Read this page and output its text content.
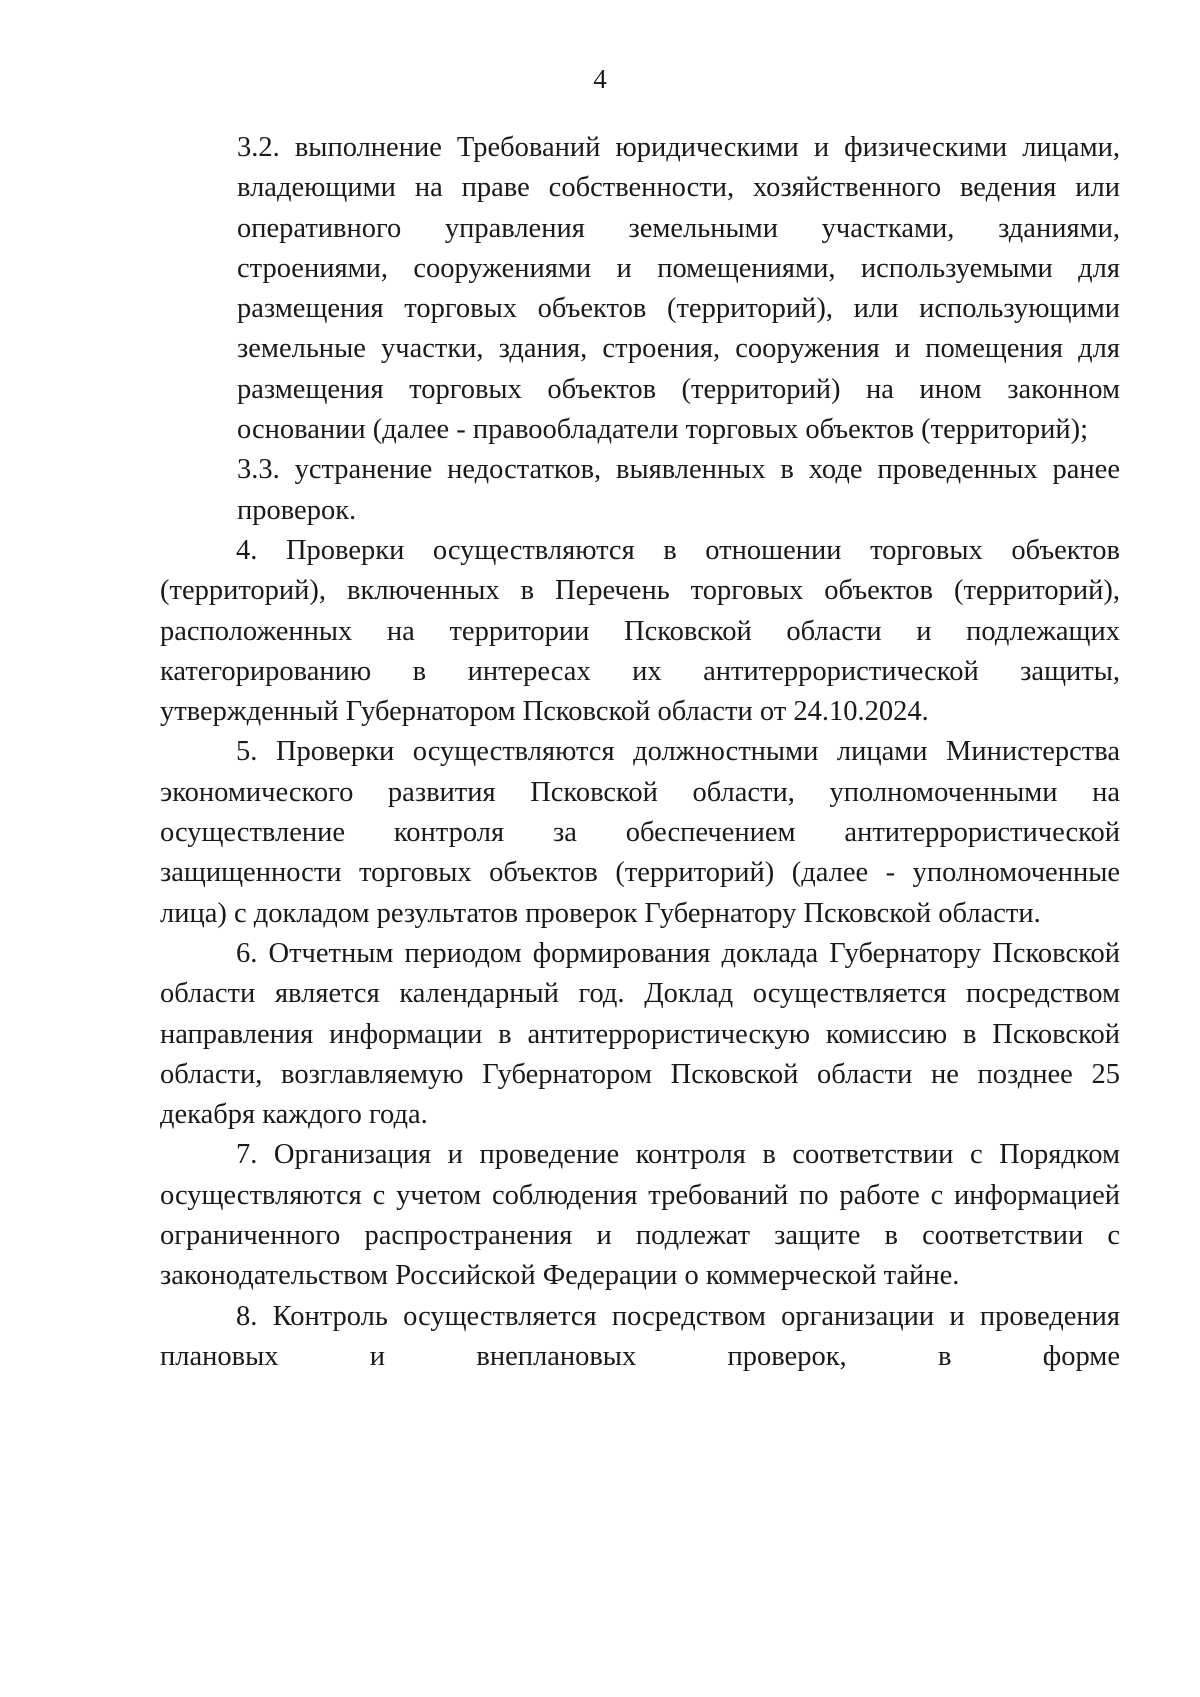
4

3.2. выполнение Требований юридическими и физическими лицами, владеющими на праве собственности, хозяйственного ведения или оперативного управления земельными участками, зданиями, строениями, сооружениями и помещениями, используемыми для размещения торговых объектов (территорий), или использующими земельные участки, здания, строения, сооружения и помещения для размещения торговых объектов (территорий) на ином законном основании (далее - правообладатели торговых объектов (территорий);

3.3. устранение недостатков, выявленных в ходе проведенных ранее проверок.

4. Проверки осуществляются в отношении торговых объектов (территорий), включенных в Перечень торговых объектов (территорий), расположенных на территории Псковской области и подлежащих категорированию в интересах их антитеррористической защиты, утвержденный Губернатором Псковской области от 24.10.2024.

5. Проверки осуществляются должностными лицами Министерства экономического развития Псковской области, уполномоченными на осуществление контроля за обеспечением антитеррористической защищенности торговых объектов (территорий) (далее - уполномоченные лица) с докладом результатов проверок Губернатору Псковской области.

6. Отчетным периодом формирования доклада Губернатору Псковской области является календарный год. Доклад осуществляется посредством направления информации в антитеррористическую комиссию в Псковской области, возглавляемую Губернатором Псковской области не позднее 25 декабря каждого года.

7. Организация и проведение контроля в соответствии с Порядком осуществляются с учетом соблюдения требований по работе с информацией ограниченного распространения и подлежат защите в соответствии с законодательством Российской Федерации о коммерческой тайне.

8. Контроль осуществляется посредством организации и проведения плановых и внеплановых проверок, в форме
